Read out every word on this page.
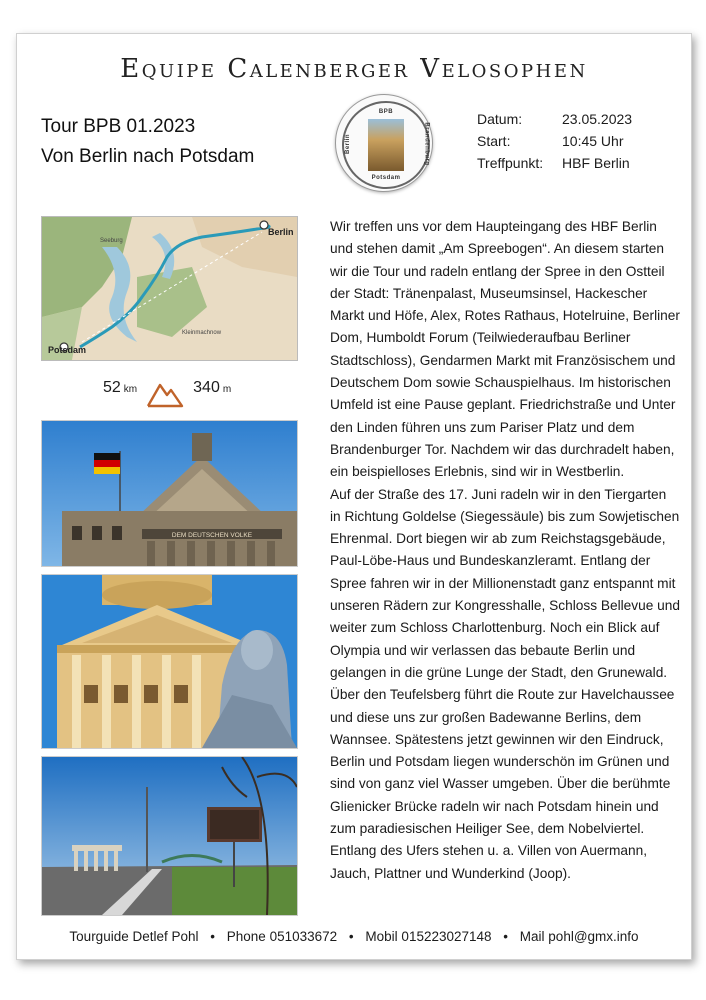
Equipe Calenberger Velosophen
Tour BPB 01.2023
Von Berlin nach Potsdam
BPB
Berlin	Brandenburg
Potsdam
Datum:	23.05.2023
Start:	10:45 Uhr
Treffpunkt:	HBF Berlin
Berlin
Potsdam
Seeburg
Kleinmachnow
52 km	340 m
DEM DEUTSCHEN VOLKE

Wir treffen uns vor dem Haupteingang des HBF Berlin und stehen damit „Am Spreebogen“. An diesem starten wir die Tour und radeln entlang der Spree in den Ostteil der Stadt: Tränenpalast, Museumsinsel, Hackescher Markt und Höfe, Alex, Rotes Rathaus, Hotelruine, Berliner Dom, Humboldt Forum (Teilwiederaufbau Berliner Stadtschloss), Gendarmen Markt mit Französischem und Deutschem Dom sowie Schauspielhaus. Im historischen Umfeld ist eine Pause geplant. Friedrichstraße und Unter den Linden führen uns zum Pariser Platz und dem Brandenburger Tor. Nachdem wir das durchradelt haben, ein beispielloses Erlebnis, sind wir in Westberlin.

Auf der Straße des 17. Juni radeln wir in den Tiergarten in Richtung Goldelse (Siegessäule) bis zum Sowjetischen Ehrenmal. Dort biegen wir ab zum Reichstagsgebäude, Paul-Löbe-Haus und Bundeskanzleramt. Entlang der Spree fahren wir in der Millionenstadt ganz entspannt mit unseren Rädern zur Kongresshalle, Schloss Bellevue und weiter zum Schloss Charlottenburg. Noch ein Blick auf Olympia und wir verlassen das bebaute Berlin und gelangen in die grüne Lunge der Stadt, den Grunewald. Über den Teufelsberg führt die Route zur Havelchaussee und diese uns zur großen Badewanne Berlins, dem Wannsee. Spätestens jetzt gewinnen wir den Eindruck, Berlin und Potsdam liegen wunderschön im Grünen und sind von ganz viel Wasser umgeben. Über die berühmte Glienicker Brücke radeln wir nach Potsdam hinein und zum paradiesischen Heiliger See, dem Nobelviertel. Entlang des Ufers stehen u. a. Villen von Auermann, Jauch, Plattner und Wunderkind (Joop).

Tourguide Detlef Pohl • Phone 051033672 • Mobil 015223027148 • Mail pohl@gmx.info
